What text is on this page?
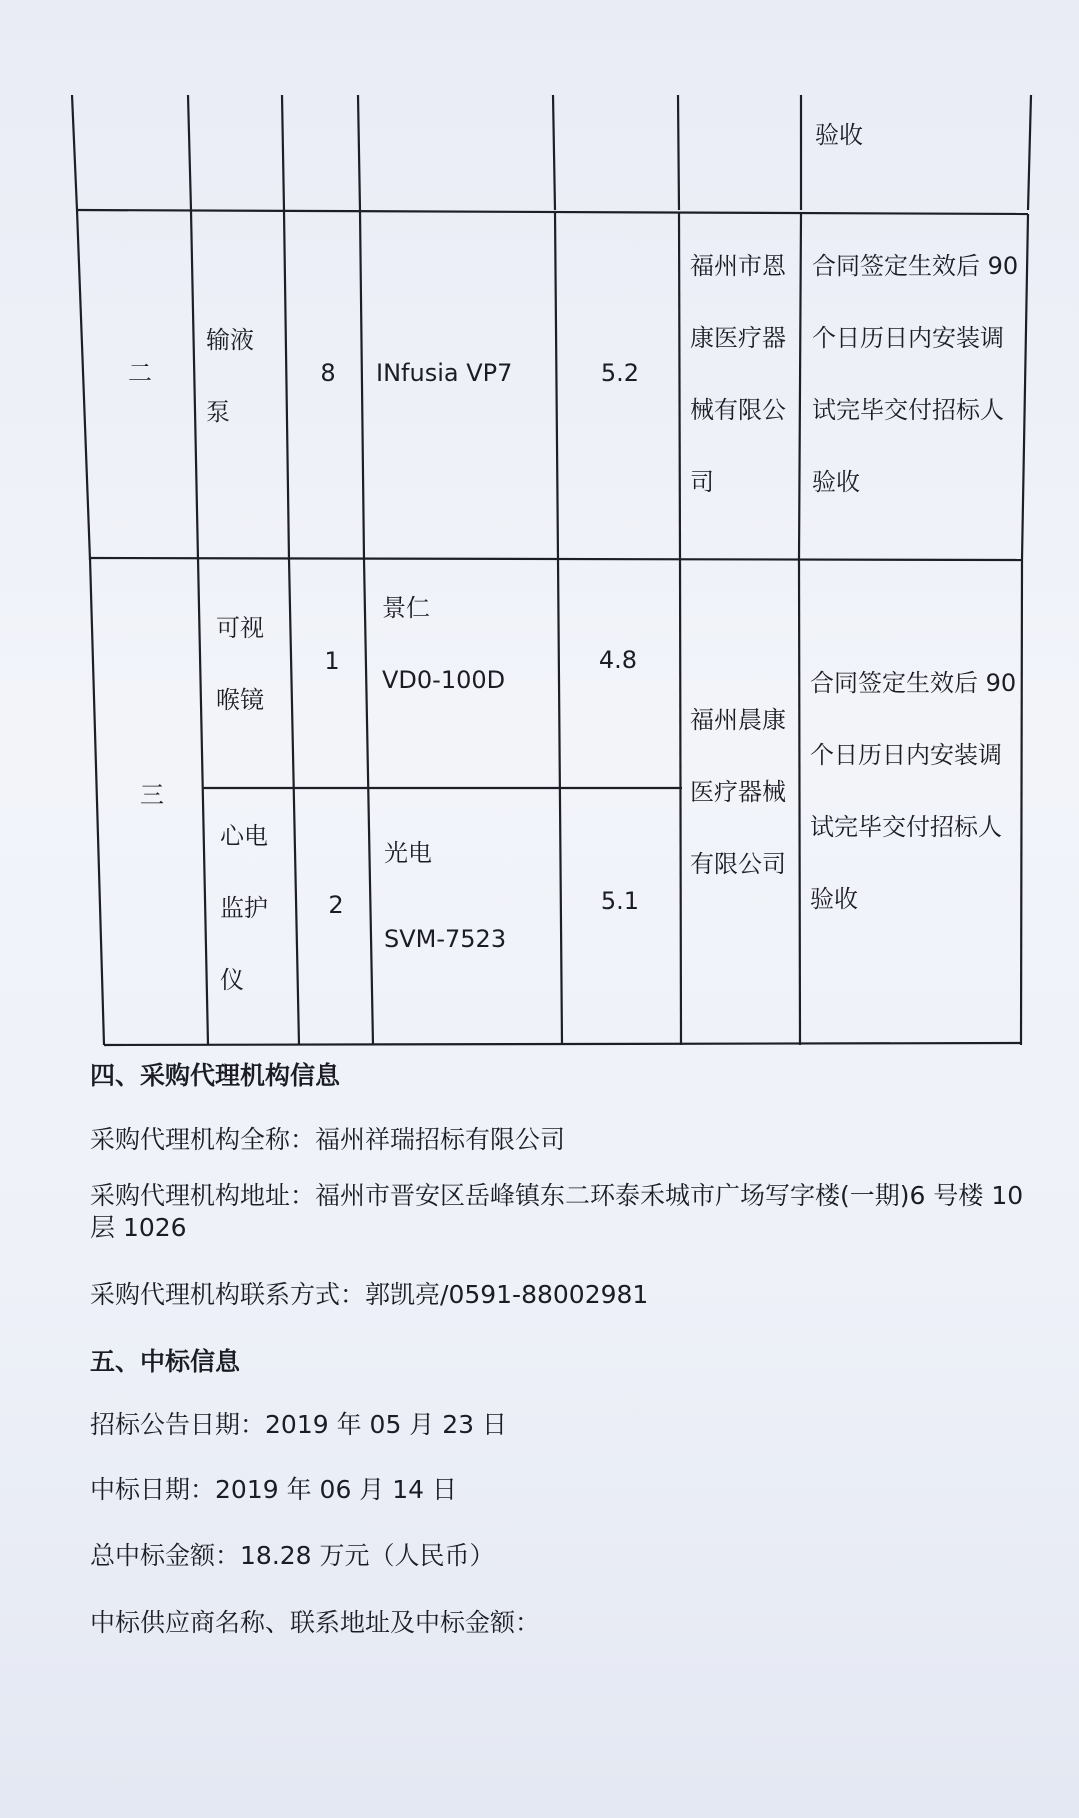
验收
二
输液
泵
8	INfusia VP7	5.2
福州市恩
康医疗器
械有限公
司
合同签定生效后 90
个日历日内安装调
试完毕交付招标人
验收
三
可视
喉镜
1
景仁
VD0-100D
4.8
心电
监护
仪
2
光电
SVM-7523
5.1
福州晨康
医疗器械
有限公司
合同签定生效后 90
个日历日内安装调
试完毕交付招标人
验收
四、采购代理机构信息
采购代理机构全称：福州祥瑞招标有限公司
采购代理机构地址：福州市晋安区岳峰镇东二环泰禾城市广场写字楼(一期)6 号楼 10 层 1026
采购代理机构联系方式：郭凯亮/0591-88002981
五、中标信息
招标公告日期：2019 年 05 月 23 日
中标日期：2019 年 06 月 14 日
总中标金额：18.28 万元（人民币）
中标供应商名称、联系地址及中标金额：
